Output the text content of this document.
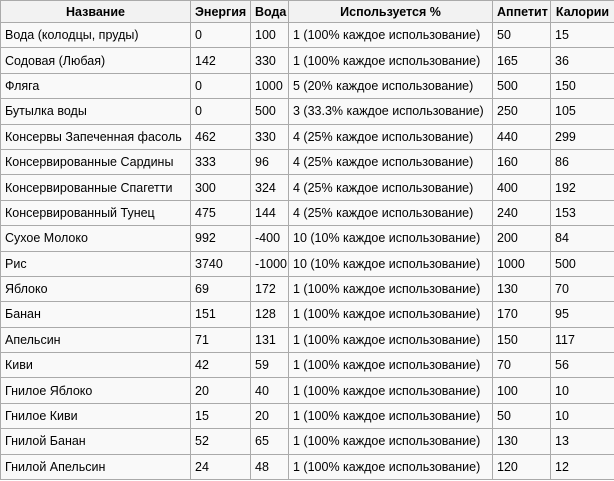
Название	Энергия	Вода	Используется %	Аппетит	Калории
Вода (колодцы, пруды)	0	100	1 (100% каждое использование)	50	15
Содовая (Любая)	142	330	1 (100% каждое использование)	165	36
Фляга	0	1000	5 (20% каждое использование)	500	150
Бутылка воды	0	500	3 (33.3% каждое использование)	250	105
Консервы Запеченная фасоль	462	330	4 (25% каждое использование)	440	299
Консервированные Сардины	333	96	4 (25% каждое использование)	160	86
Консервированные Спагетти	300	324	4 (25% каждое использование)	400	192
Консервированный Тунец	475	144	4 (25% каждое использование)	240	153
Сухое Молоко	992	-400	10 (10% каждое использование)	200	84
Рис	3740	-1000	10 (10% каждое использование)	1000	500
Яблоко	69	172	1 (100% каждое использование)	130	70
Банан	151	128	1 (100% каждое использование)	170	95
Апельсин	71	131	1 (100% каждое использование)	150	117
Киви	42	59	1 (100% каждое использование)	70	56
Гнилое Яблоко	20	40	1 (100% каждое использование)	100	10
Гнилое Киви	15	20	1 (100% каждое использование)	50	10
Гнилой Банан	52	65	1 (100% каждое использование)	130	13
Гнилой Апельсин	24	48	1 (100% каждое использование)	120	12
